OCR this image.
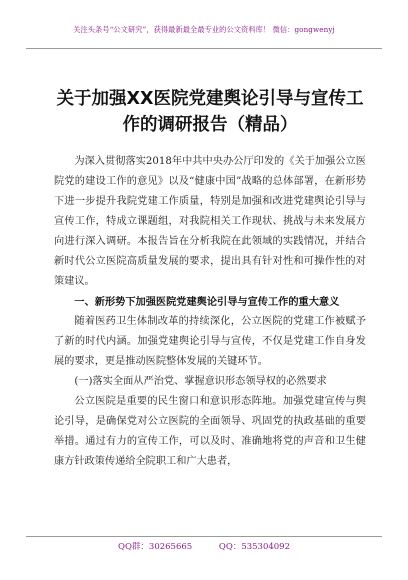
关注头条号“公文研究”，获得最新最全最专业的公文资料库！ 微信：gongwenyj
关于加强XX医院党建舆论引导与宣传工作的调研报告（精品）

为深入贯彻落实2018年中共中央办公厅印发的《关于加强公立医院党的建设工作的意见》以及“健康中国”战略的总体部署，在新形势下进一步提升我院党建工作质量，特别是加强和改进党建舆论引导与宣传工作，特成立课题组，对我院相关工作现状、挑战与未来发展方向进行深入调研。本报告旨在分析我院在此领域的实践情况，并结合新时代公立医院高质量发展的要求，提出具有针对性和可操作性的对策建议。

一、新形势下加强医院党建舆论引导与宣传工作的重大意义

随着医药卫生体制改革的持续深化，公立医院的党建工作被赋予了新的时代内涵。加强党建舆论引导与宣传，不仅是党建工作自身发展的要求，更是推动医院整体发展的关键环节。

(一)落实全面从严治党、掌握意识形态领导权的必然要求

公立医院是重要的民生窗口和意识形态阵地。加强党建宣传与舆论引导，是确保党对公立医院的全面领导、巩固党的执政基础的重要举措。通过有力的宣传工作，可以及时、准确地将党的声音和卫生健康方针政策传递给全院职工和广大患者，

QQ群：30265665	QQ：535304092
